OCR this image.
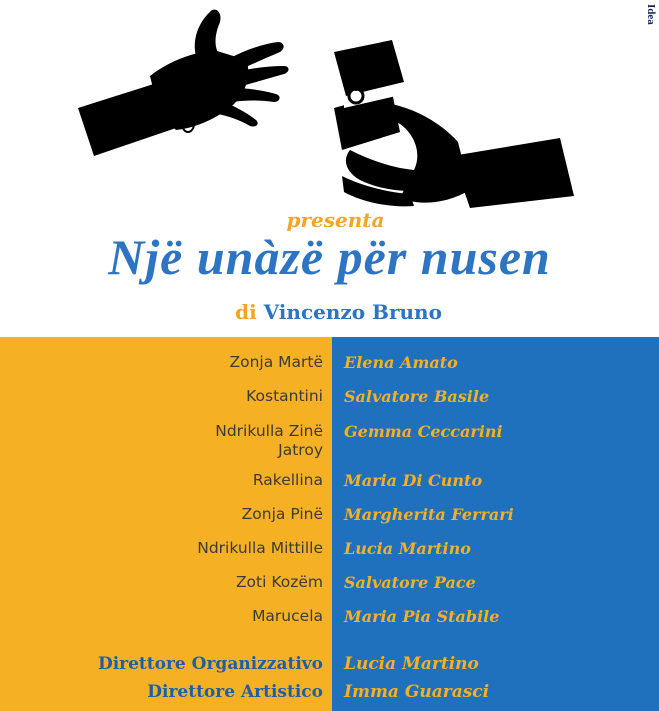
Idea
presenta
Një unàzë për nusen
di Vincenzo Bruno
Zonja Martë Elena Amato
Kostantini Salvatore Basile
Ndrikulla Zinë
Jatroy
Gemma Ceccarini
Rakellina Maria Di Cunto
Zonja Pinë Margherita Ferrari
Ndrikulla Mittille Lucia Martino
Zoti Kozëm Salvatore Pace
Marucela Maria Pia Stabile
Direttore Organizzativo Lucia Martino
Direttore Artistico Imma Guarasci
